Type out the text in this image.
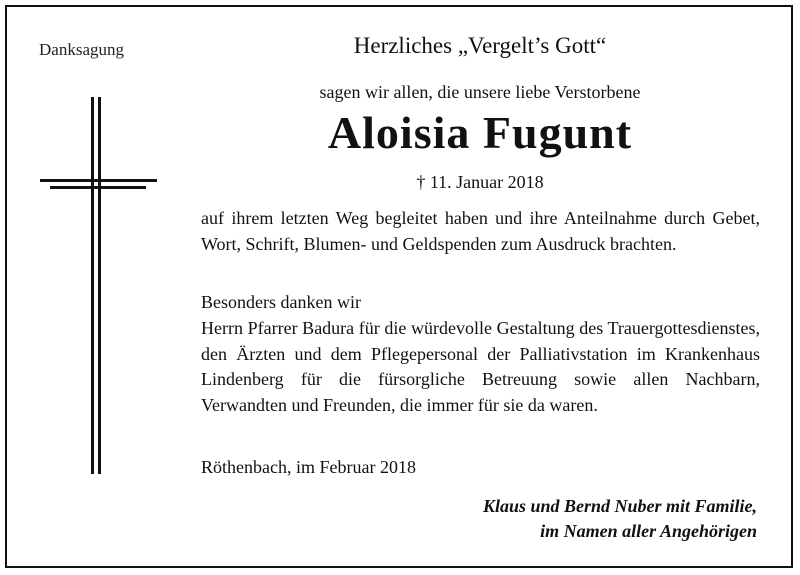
Danksagung	Herzliches „Vergelt’s Gott“
sagen wir allen, die unsere liebe Verstorbene
Aloisia Fugunt
† 11. Januar 2018
auf ihrem letzten Weg begleitet haben und ihre Anteilnahme durch Gebet, Wort, Schrift, Blumen- und Geldspenden zum Ausdruck brachten.
Besonders danken wir
Herrn Pfarrer Badura für die würdevolle Gestaltung des Trauergottesdienstes, den Ärzten und dem Pflegepersonal der Palliativstation im Krankenhaus Lindenberg für die fürsorgliche Betreuung sowie allen Nachbarn, Verwandten und Freunden, die immer für sie da waren.
Röthenbach, im Februar 2018
Klaus und Bernd Nuber mit Familie,
im Namen aller Angehörigen
